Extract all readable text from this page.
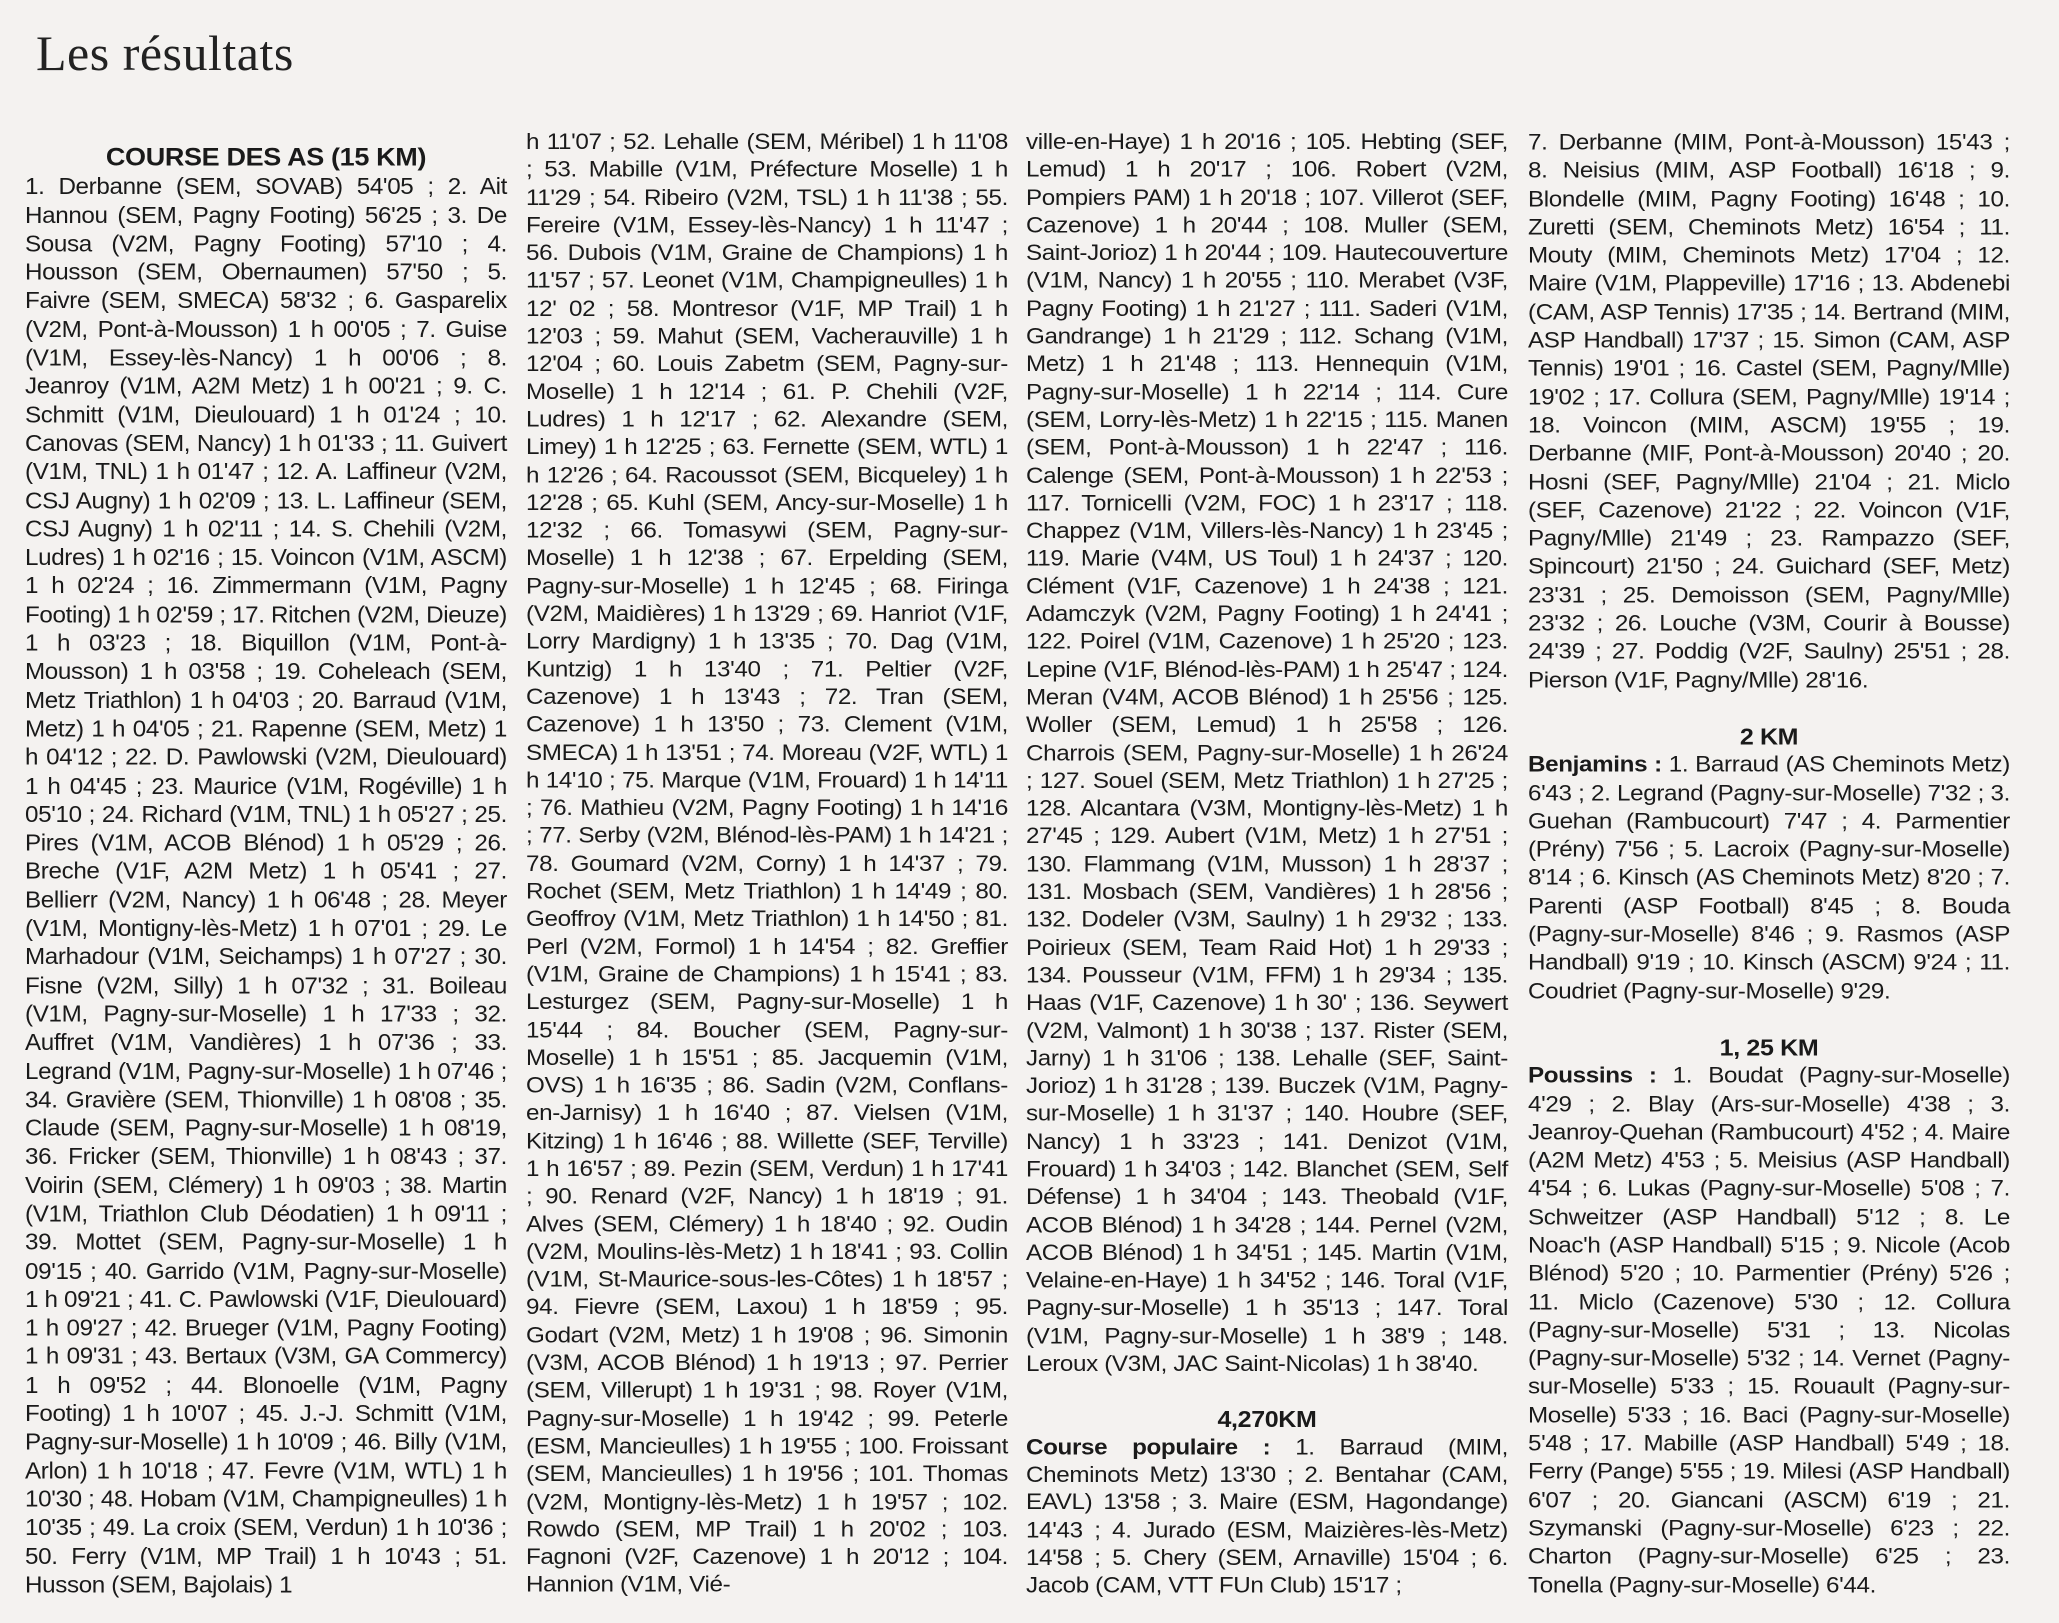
Les résultats

COURSE DES AS (15 KM)

1. Derbanne (SEM, SOVAB) 54'05 ; 2. Ait Hannou (SEM, Pagny Footing) 56'25 ; 3. De Sousa (V2M, Pagny Footing) 57'10 ; 4. Housson (SEM, Obernaumen) 57'50 ; 5. Faivre (SEM, SMECA) 58'32 ; 6. Gasparelix (V2M, Pont-à-Mousson) 1 h 00'05 ; 7. Guise (V1M, Essey-lès-Nancy) 1 h 00'06 ; 8. Jeanroy (V1M, A2M Metz) 1 h 00'21 ; 9. C. Schmitt (V1M, Dieulouard) 1 h 01'24 ; 10. Canovas (SEM, Nancy) 1 h 01'33 ; 11. Guivert (V1M, TNL) 1 h 01'47 ; 12. A. Laffineur (V2M, CSJ Augny) 1 h 02'09 ; 13. L. Laffineur (SEM, CSJ Augny) 1 h 02'11 ; 14. S. Chehili (V2M, Ludres) 1 h 02'16 ; 15. Voincon (V1M, ASCM) 1 h 02'24 ; 16. Zimmermann (V1M, Pagny Footing) 1 h 02'59 ; 17. Ritchen (V2M, Dieuze) 1 h 03'23 ; 18. Biquillon (V1M, Pont-à-Mousson) 1 h 03'58 ; 19. Coheleach (SEM, Metz Triathlon) 1 h 04'03 ; 20. Barraud (V1M, Metz) 1 h 04'05 ; 21. Rapenne (SEM, Metz) 1 h 04'12 ; 22. D. Pawlowski (V2M, Dieulouard) 1 h 04'45 ; 23. Maurice (V1M, Rogéville) 1 h 05'10 ; 24. Richard (V1M, TNL) 1 h 05'27 ; 25. Pires (V1M, ACOB Blénod) 1 h 05'29 ; 26. Breche (V1F, A2M Metz) 1 h 05'41 ; 27. Bellierr (V2M, Nancy) 1 h 06'48 ; 28. Meyer (V1M, Montigny-lès-Metz) 1 h 07'01 ; 29. Le Marhadour (V1M, Seichamps) 1 h 07'27 ; 30. Fisne (V2M, Silly) 1 h 07'32 ; 31. Boileau (V1M, Pagny-sur-Moselle) 1 h 17'33 ; 32. Auffret (V1M, Vandières) 1 h 07'36 ; 33. Legrand (V1M, Pagny-sur-Moselle) 1 h 07'46 ; 34. Gravière (SEM, Thionville) 1 h 08'08 ; 35. Claude (SEM, Pagny-sur-Moselle) 1 h 08'19, 36. Fricker (SEM, Thionville) 1 h 08'43 ; 37. Voirin (SEM, Clémery) 1 h 09'03 ; 38. Martin (V1M, Triathlon Club Déodatien) 1 h 09'11 ; 39. Mottet (SEM, Pagny-sur-Moselle) 1 h 09'15 ; 40. Garrido (V1M, Pagny-sur-Moselle) 1 h 09'21 ; 41. C. Pawlowski (V1F, Dieulouard) 1 h 09'27 ; 42. Brueger (V1M, Pagny Footing) 1 h 09'31 ; 43. Bertaux (V3M, GA Commercy) 1 h 09'52 ; 44. Blonoelle (V1M, Pagny Footing) 1 h 10'07 ; 45. J.-J. Schmitt (V1M, Pagny-sur-Moselle) 1 h 10'09 ; 46. Billy (V1M, Arlon) 1 h 10'18 ; 47. Fevre (V1M, WTL) 1 h 10'30 ; 48. Hobam (V1M, Champigneulles) 1 h 10'35 ; 49. La croix (SEM, Verdun) 1 h 10'36 ; 50. Ferry (V1M, MP Trail) 1 h 10'43 ; 51. Husson (SEM, Bajolais) 1

h 11'07 ; 52. Lehalle (SEM, Méribel) 1 h 11'08 ; 53. Mabille (V1M, Préfecture Moselle) 1 h 11'29 ; 54. Ribeiro (V2M, TSL) 1 h 11'38 ; 55. Fereire (V1M, Essey-lès-Nancy) 1 h 11'47 ; 56. Dubois (V1M, Graine de Champions) 1 h 11'57 ; 57. Leonet (V1M, Champigneulles) 1 h 12' 02 ; 58. Montresor (V1F, MP Trail) 1 h 12'03 ; 59. Mahut (SEM, Vacherauville) 1 h 12'04 ; 60. Louis Zabetm (SEM, Pagny-sur-Moselle) 1 h 12'14 ; 61. P. Chehili (V2F, Ludres) 1 h 12'17 ; 62. Alexandre (SEM, Limey) 1 h 12'25 ; 63. Fernette (SEM, WTL) 1 h 12'26 ; 64. Racoussot (SEM, Bicqueley) 1 h 12'28 ; 65. Kuhl (SEM, Ancy-sur-Moselle) 1 h 12'32 ; 66. Tomasywi (SEM, Pagny-sur-Moselle) 1 h 12'38 ; 67. Erpelding (SEM, Pagny-sur-Moselle) 1 h 12'45 ; 68. Firinga (V2M, Maidières) 1 h 13'29 ; 69. Hanriot (V1F, Lorry Mardigny) 1 h 13'35 ; 70. Dag (V1M, Kuntzig) 1 h 13'40 ; 71. Peltier (V2F, Cazenove) 1 h 13'43 ; 72. Tran (SEM, Cazenove) 1 h 13'50 ; 73. Clement (V1M, SMECA) 1 h 13'51 ; 74. Moreau (V2F, WTL) 1 h 14'10 ; 75. Marque (V1M, Frouard) 1 h 14'11 ; 76. Mathieu (V2M, Pagny Footing) 1 h 14'16 ; 77. Serby (V2M, Blénod-lès-PAM) 1 h 14'21 ; 78. Goumard (V2M, Corny) 1 h 14'37 ; 79. Rochet (SEM, Metz Triathlon) 1 h 14'49 ; 80. Geoffroy (V1M, Metz Triathlon) 1 h 14'50 ; 81. Perl (V2M, Formol) 1 h 14'54 ; 82. Greffier (V1M, Graine de Champions) 1 h 15'41 ; 83. Lesturgez (SEM, Pagny-sur-Moselle) 1 h 15'44 ; 84. Boucher (SEM, Pagny-sur-Moselle) 1 h 15'51 ; 85. Jacquemin (V1M, OVS) 1 h 16'35 ; 86. Sadin (V2M, Conflans-en-Jarnisy) 1 h 16'40 ; 87. Vielsen (V1M, Kitzing) 1 h 16'46 ; 88. Willette (SEF, Terville) 1 h 16'57 ; 89. Pezin (SEM, Verdun) 1 h 17'41 ; 90. Renard (V2F, Nancy) 1 h 18'19 ; 91. Alves (SEM, Clémery) 1 h 18'40 ; 92. Oudin (V2M, Moulins-lès-Metz) 1 h 18'41 ; 93. Collin (V1M, St-Maurice-sous-les-Côtes) 1 h 18'57 ; 94. Fievre (SEM, Laxou) 1 h 18'59 ; 95. Godart (V2M, Metz) 1 h 19'08 ; 96. Simonin (V3M, ACOB Blénod) 1 h 19'13 ; 97. Perrier (SEM, Villerupt) 1 h 19'31 ; 98. Royer (V1M, Pagny-sur-Moselle) 1 h 19'42 ; 99. Peterle (ESM, Mancieulles) 1 h 19'55 ; 100. Froissant (SEM, Mancieulles) 1 h 19'56 ; 101. Thomas (V2M, Montigny-lès-Metz) 1 h 19'57 ; 102. Rowdo (SEM, MP Trail) 1 h 20'02 ; 103. Fagnoni (V2F, Cazenove) 1 h 20'12 ; 104. Hannion (V1M, Vié-

ville-en-Haye) 1 h 20'16 ; 105. Hebting (SEF, Lemud) 1 h 20'17 ; 106. Robert (V2M, Pompiers PAM) 1 h 20'18 ; 107. Villerot (SEF, Cazenove) 1 h 20'44 ; 108. Muller (SEM, Saint-Jorioz) 1 h 20'44 ; 109. Hautecouverture (V1M, Nancy) 1 h 20'55 ; 110. Merabet (V3F, Pagny Footing) 1 h 21'27 ; 111. Saderi (V1M, Gandrange) 1 h 21'29 ; 112. Schang (V1M, Metz) 1 h 21'48 ; 113. Hennequin (V1M, Pagny-sur-Moselle) 1 h 22'14 ; 114. Cure (SEM, Lorry-lès-Metz) 1 h 22'15 ; 115. Manen (SEM, Pont-à-Mousson) 1 h 22'47 ; 116. Calenge (SEM, Pont-à-Mousson) 1 h 22'53 ; 117. Tornicelli (V2M, FOC) 1 h 23'17 ; 118. Chappez (V1M, Villers-lès-Nancy) 1 h 23'45 ; 119. Marie (V4M, US Toul) 1 h 24'37 ; 120. Clément (V1F, Cazenove) 1 h 24'38 ; 121. Adamczyk (V2M, Pagny Footing) 1 h 24'41 ; 122. Poirel (V1M, Cazenove) 1 h 25'20 ; 123. Lepine (V1F, Blénod-lès-PAM) 1 h 25'47 ; 124. Meran (V4M, ACOB Blénod) 1 h 25'56 ; 125. Woller (SEM, Lemud) 1 h 25'58 ; 126. Charrois (SEM, Pagny-sur-Moselle) 1 h 26'24 ; 127. Souel (SEM, Metz Triathlon) 1 h 27'25 ; 128. Alcantara (V3M, Montigny-lès-Metz) 1 h 27'45 ; 129. Aubert (V1M, Metz) 1 h 27'51 ; 130. Flammang (V1M, Musson) 1 h 28'37 ; 131. Mosbach (SEM, Vandières) 1 h 28'56 ; 132. Dodeler (V3M, Saulny) 1 h 29'32 ; 133. Poirieux (SEM, Team Raid Hot) 1 h 29'33 ; 134. Pousseur (V1M, FFM) 1 h 29'34 ; 135. Haas (V1F, Cazenove) 1 h 30' ; 136. Seywert (V2M, Valmont) 1 h 30'38 ; 137. Rister (SEM, Jarny) 1 h 31'06 ; 138. Lehalle (SEF, Saint-Jorioz) 1 h 31'28 ; 139. Buczek (V1M, Pagny-sur-Moselle) 1 h 31'37 ; 140. Houbre (SEF, Nancy) 1 h 33'23 ; 141. Denizot (V1M, Frouard) 1 h 34'03 ; 142. Blanchet (SEM, Self Défense) 1 h 34'04 ; 143. Theobald (V1F, ACOB Blénod) 1 h 34'28 ; 144. Pernel (V2M, ACOB Blénod) 1 h 34'51 ; 145. Martin (V1M, Velaine-en-Haye) 1 h 34'52 ; 146. Toral (V1F, Pagny-sur-Moselle) 1 h 35'13 ; 147. Toral (V1M, Pagny-sur-Moselle) 1 h 38'9 ; 148. Leroux (V3M, JAC Saint-Nicolas) 1 h 38'40.

4,270KM

Course populaire : 1. Barraud (MIM, Cheminots Metz) 13'30 ; 2. Bentahar (CAM, EAVL) 13'58 ; 3. Maire (ESM, Hagondange) 14'43 ; 4. Jurado (ESM, Maizières-lès-Metz) 14'58 ; 5. Chery (SEM, Arnaville) 15'04 ; 6. Jacob (CAM, VTT FUn Club) 15'17 ;

7. Derbanne (MIM, Pont-à-Mousson) 15'43 ; 8. Neisius (MIM, ASP Football) 16'18 ; 9. Blondelle (MIM, Pagny Footing) 16'48 ; 10. Zuretti (SEM, Cheminots Metz) 16'54 ; 11. Mouty (MIM, Cheminots Metz) 17'04 ; 12. Maire (V1M, Plappeville) 17'16 ; 13. Abdenebi (CAM, ASP Tennis) 17'35 ; 14. Bertrand (MIM, ASP Handball) 17'37 ; 15. Simon (CAM, ASP Tennis) 19'01 ; 16. Castel (SEM, Pagny/Mlle) 19'02 ; 17. Collura (SEM, Pagny/Mlle) 19'14 ; 18. Voincon (MIM, ASCM) 19'55 ; 19. Derbanne (MIF, Pont-à-Mousson) 20'40 ; 20. Hosni (SEF, Pagny/Mlle) 21'04 ; 21. Miclo (SEF, Cazenove) 21'22 ; 22. Voincon (V1F, Pagny/Mlle) 21'49 ; 23. Rampazzo (SEF, Spincourt) 21'50 ; 24. Guichard (SEF, Metz) 23'31 ; 25. Demoisson (SEM, Pagny/Mlle) 23'32 ; 26. Louche (V3M, Courir à Bousse) 24'39 ; 27. Poddig (V2F, Saulny) 25'51 ; 28. Pierson (V1F, Pagny/Mlle) 28'16.

2 KM

Benjamins : 1. Barraud (AS Cheminots Metz) 6'43 ; 2. Legrand (Pagny-sur-Moselle) 7'32 ; 3. Guehan (Rambucourt) 7'47 ; 4. Parmentier (Prény) 7'56 ; 5. Lacroix (Pagny-sur-Moselle) 8'14 ; 6. Kinsch (AS Cheminots Metz) 8'20 ; 7. Parenti (ASP Football) 8'45 ; 8. Bouda (Pagny-sur-Moselle) 8'46 ; 9. Rasmos (ASP Handball) 9'19 ; 10. Kinsch (ASCM) 9'24 ; 11. Coudriet (Pagny-sur-Moselle) 9'29.

1, 25 KM

Poussins : 1. Boudat (Pagny-sur-Moselle) 4'29 ; 2. Blay (Ars-sur-Moselle) 4'38 ; 3. Jeanroy-Quehan (Rambucourt) 4'52 ; 4. Maire (A2M Metz) 4'53 ; 5. Meisius (ASP Handball) 4'54 ; 6. Lukas (Pagny-sur-Moselle) 5'08 ; 7. Schweitzer (ASP Handball) 5'12 ; 8. Le Noac'h (ASP Handball) 5'15 ; 9. Nicole (Acob Blénod) 5'20 ; 10. Parmentier (Prény) 5'26 ; 11. Miclo (Cazenove) 5'30 ; 12. Collura (Pagny-sur-Moselle) 5'31 ; 13. Nicolas (Pagny-sur-Moselle) 5'32 ; 14. Vernet (Pagny-sur-Moselle) 5'33 ; 15. Rouault (Pagny-sur-Moselle) 5'33 ; 16. Baci (Pagny-sur-Moselle) 5'48 ; 17. Mabille (ASP Handball) 5'49 ; 18. Ferry (Pange) 5'55 ; 19. Milesi (ASP Handball) 6'07 ; 20. Giancani (ASCM) 6'19 ; 21. Szymanski (Pagny-sur-Moselle) 6'23 ; 22. Charton (Pagny-sur-Moselle) 6'25 ; 23. Tonella (Pagny-sur-Moselle) 6'44.
